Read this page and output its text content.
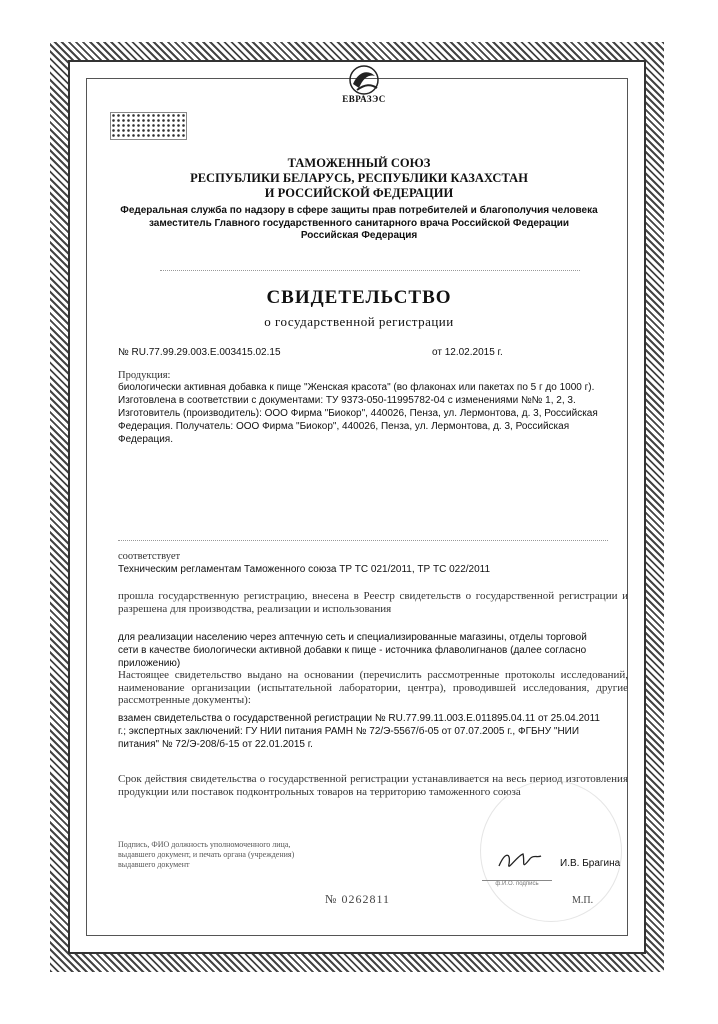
ЕВРАЗЭС
ТАМОЖЕННЫЙ СОЮЗ
РЕСПУБЛИКИ БЕЛАРУСЬ, РЕСПУБЛИКИ КАЗАХСТАН
И РОССИЙСКОЙ ФЕДЕРАЦИИ
Федеральная служба по надзору в сфере защиты прав потребителей и благополучия человека
заместитель Главного государственного санитарного врача Российской Федерации
Российская Федерация
СВИДЕТЕЛЬСТВО
о государственной регистрации
№ RU.77.99.29.003.Е.003415.02.15	от 12.02.2015 г.
Продукция:
биологически активная добавка к пище "Женская красота" (во флаконах или пакетах по 5 г до 1000 г). Изготовлена в соответствии с документами: ТУ 9373-050-11995782-04 с изменениями №№ 1, 2, 3. Изготовитель (производитель): ООО Фирма "Биокор", 440026, Пенза, ул. Лермонтова, д. 3, Российская Федерация. Получатель: ООО Фирма "Биокор", 440026, Пенза, ул. Лермонтова, д. 3, Российская Федерация.
соответствует
Техническим регламентам Таможенного союза ТР ТС 021/2011, ТР ТС 022/2011
прошла государственную регистрацию, внесена в Реестр свидетельств о государственной регистрации и разрешена для производства, реализации и использования
для реализации населению через аптечную сеть и специализированные магазины, отделы торговой сети в качестве биологически активной добавки к пище - источника флаволигнанов (далее согласно приложению)
Настоящее свидетельство выдано на основании (перечислить рассмотренные протоколы исследований, наименование организации (испытательной лаборатории, центра), проводившей исследования, другие рассмотренные документы):
взамен свидетельства о государственной регистрации № RU.77.99.11.003.Е.011895.04.11 от 25.04.2011 г.; экспертных заключений: ГУ НИИ питания РАМН № 72/Э-5567/б-05 от 07.07.2005 г., ФГБНУ "НИИ питания" № 72/Э-208/б-15 от 22.01.2015 г.
Срок действия свидетельства о государственной регистрации устанавливается на весь период изготовления продукции или поставок подконтрольных товаров на территорию таможенного союза
Подпись, ФИО должность уполномоченного лица, выдавшего документ, и печать органа (учреждения) выдавшего документ	И.В. Брагина
ф.И.О. подпись
№ 0262811	М.П.
